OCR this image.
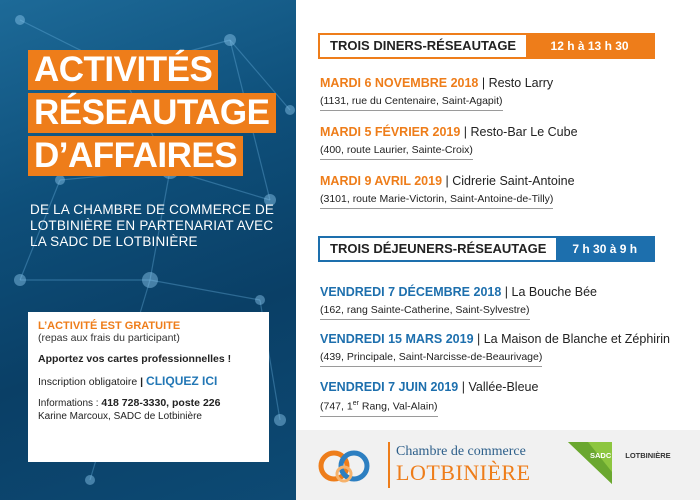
ACTIVITÉS
RÉSEAUTAGE
D’AFFAIRES
DE LA CHAMBRE DE COMMERCE DE
LOTBINIÈRE EN PARTENARIAT AVEC
LA SADC DE LOTBINIÈRE
L’ACTIVITÉ EST GRATUITE
(repas aux frais du participant)
Apportez vos cartes professionnelles !
Inscription obligatoire | CLIQUEZ ICI
Informations : 418 728-3330, poste 226
Karine Marcoux, SADC de Lotbinière
TROIS DINERS-RÉSEAUTAGE	12 h à 13 h 30
MARDI 6 NOVEMBRE 2018 | Resto Larry
(1131, rue du Centenaire, Saint-Agapit)
MARDI 5 FÉVRIER 2019 | Resto-Bar Le Cube
(400, route Laurier, Sainte-Croix)
MARDI 9 AVRIL 2019 | Cidrerie Saint-Antoine
(3101, route Marie-Victorin, Saint-Antoine-de-Tilly)
TROIS DÉJEUNERS-RÉSEAUTAGE	7 h 30 à 9 h
VENDREDI 7 DÉCEMBRE 2018 | La Bouche Bée
(162, rang Sainte-Catherine, Saint-Sylvestre)
VENDREDI 15 MARS 2019 | La Maison de Blanche et Zéphirin
(439, Principale, Saint-Narcisse-de-Beaurivage)
VENDREDI 7 JUIN 2019 | Vallée-Bleue
(747, 1er Rang, Val-Alain)
Chambre de commerce
LOTBINIÈRE
SADC LOTBINIÈRE
